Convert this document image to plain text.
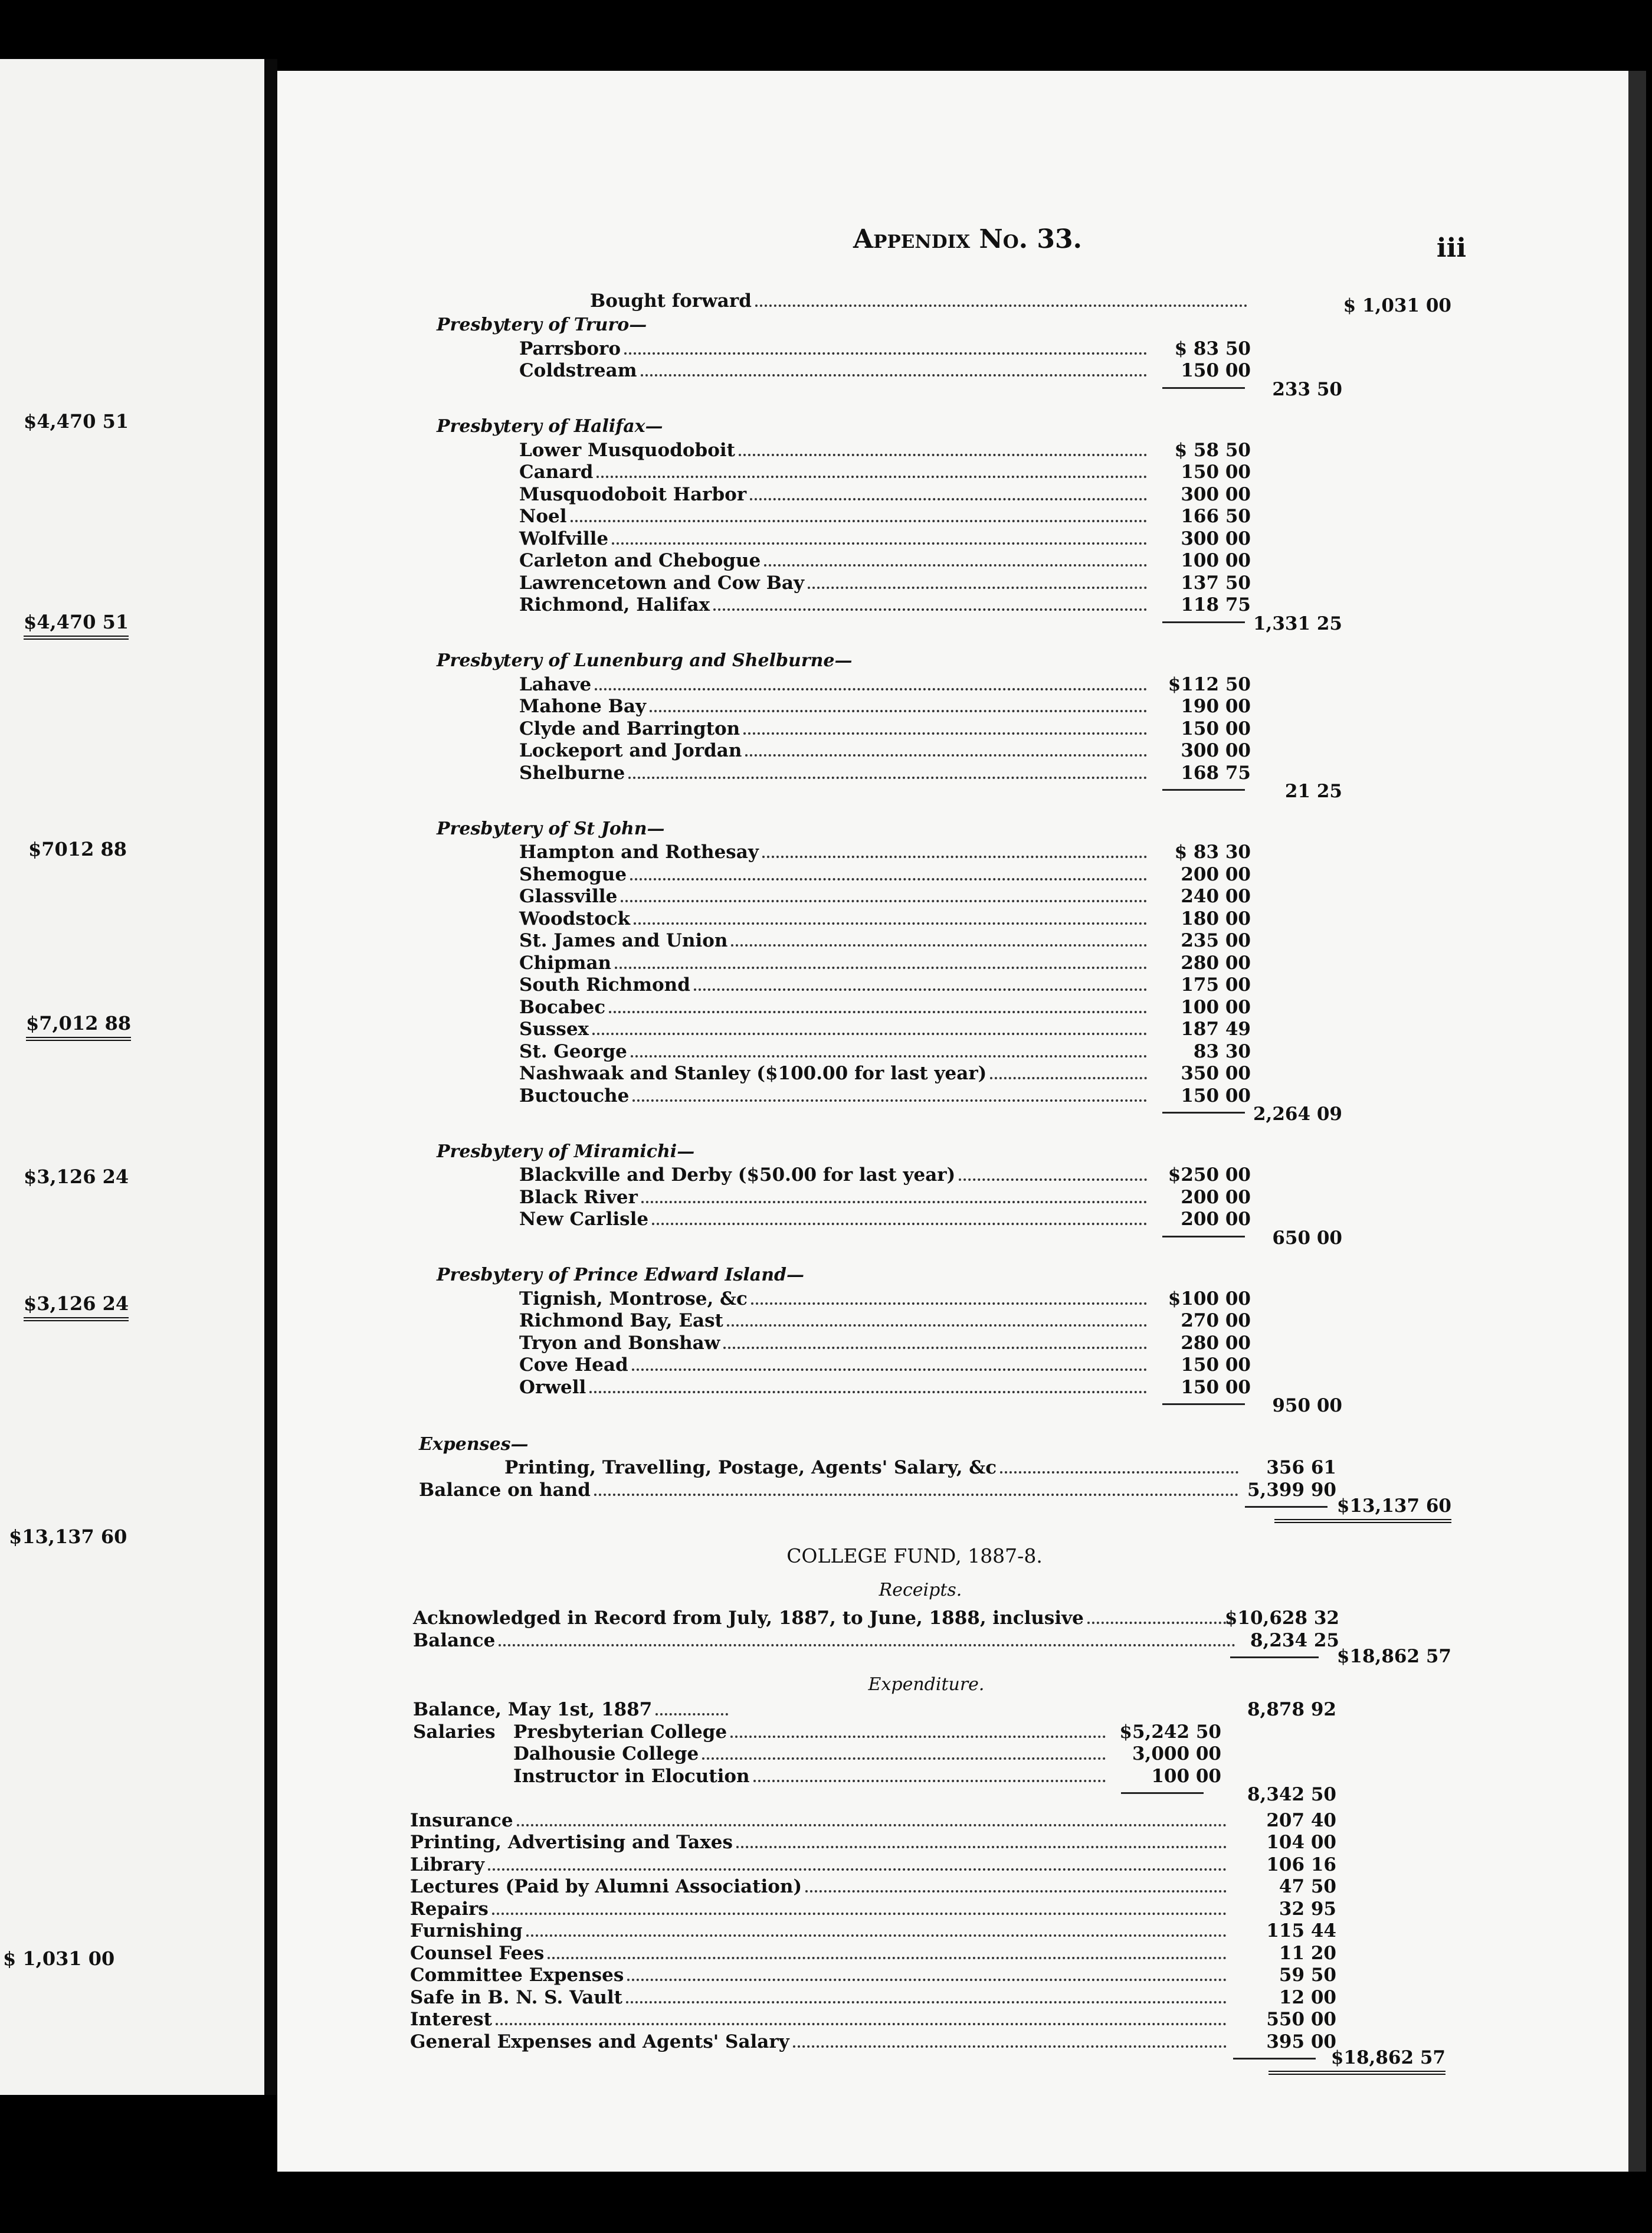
$4,470 51
$4,470 51
$7012 88
$7,012 88
$3,126 24
$3,126 24
$13,137 60
$ 1,031 00
Appendix No. 33.	iii
Bought forward	$ 1,031 00
Presbytery of Truro—
Parrsboro	$ 83 50
Coldstream	150 00
233 50
Presbytery of Halifax—
Lower Musquodoboit	$ 58 50
Canard	150 00
Musquodoboit Harbor	300 00
Noel	166 50
Wolfville	300 00
Carleton and Chebogue	100 00
Lawrencetown and Cow Bay	137 50
Richmond, Halifax	118 75
1,331 25
Presbytery of Lunenburg and Shelburne—
Lahave	$112 50
Mahone Bay	190 00
Clyde and Barrington	150 00
Lockeport and Jordan	300 00
Shelburne	168 75
21 25
Presbytery of St John—
Hampton and Rothesay	$ 83 30
Shemogue	200 00
Glassville	240 00
Woodstock	180 00
St. James and Union	235 00
Chipman	280 00
South Richmond	175 00
Bocabec	100 00
Sussex	187 49
St. George	83 30
Nashwaak and Stanley ($100.00 for last year)	350 00
Buctouche	150 00
2,264 09
Presbytery of Miramichi—
Blackville and Derby ($50.00 for last year)	$250 00
Black River	200 00
New Carlisle	200 00
650 00
Presbytery of Prince Edward Island—
Tignish, Montrose, &c	$100 00
Richmond Bay, East	270 00
Tryon and Bonshaw	280 00
Cove Head	150 00
Orwell	150 00
950 00
Expenses—
Printing, Travelling, Postage, Agents' Salary, &c	356 61
Balance on hand	5,399 90
$13,137 60
COLLEGE FUND, 1887-8.
Receipts.
Acknowledged in Record from July, 1887, to June, 1888, inclusive	$10,628 32
Balance	8,234 25
$18,862 57
Expenditure.
Balance, May 1st, 1887	8,878 92
Salaries Presbyterian College	$5,242 50
Dalhousie College	3,000 00
Instructor in Elocution	100 00
8,342 50
Insurance	207 40
Printing, Advertising and Taxes	104 00
Library	106 16
Lectures (Paid by Alumni Association)	47 50
Repairs	32 95
Furnishing	115 44
Counsel Fees	11 20
Committee Expenses	59 50
Safe in B. N. S. Vault	12 00
Interest	550 00
General Expenses and Agents' Salary	395 00
$18,862 57
